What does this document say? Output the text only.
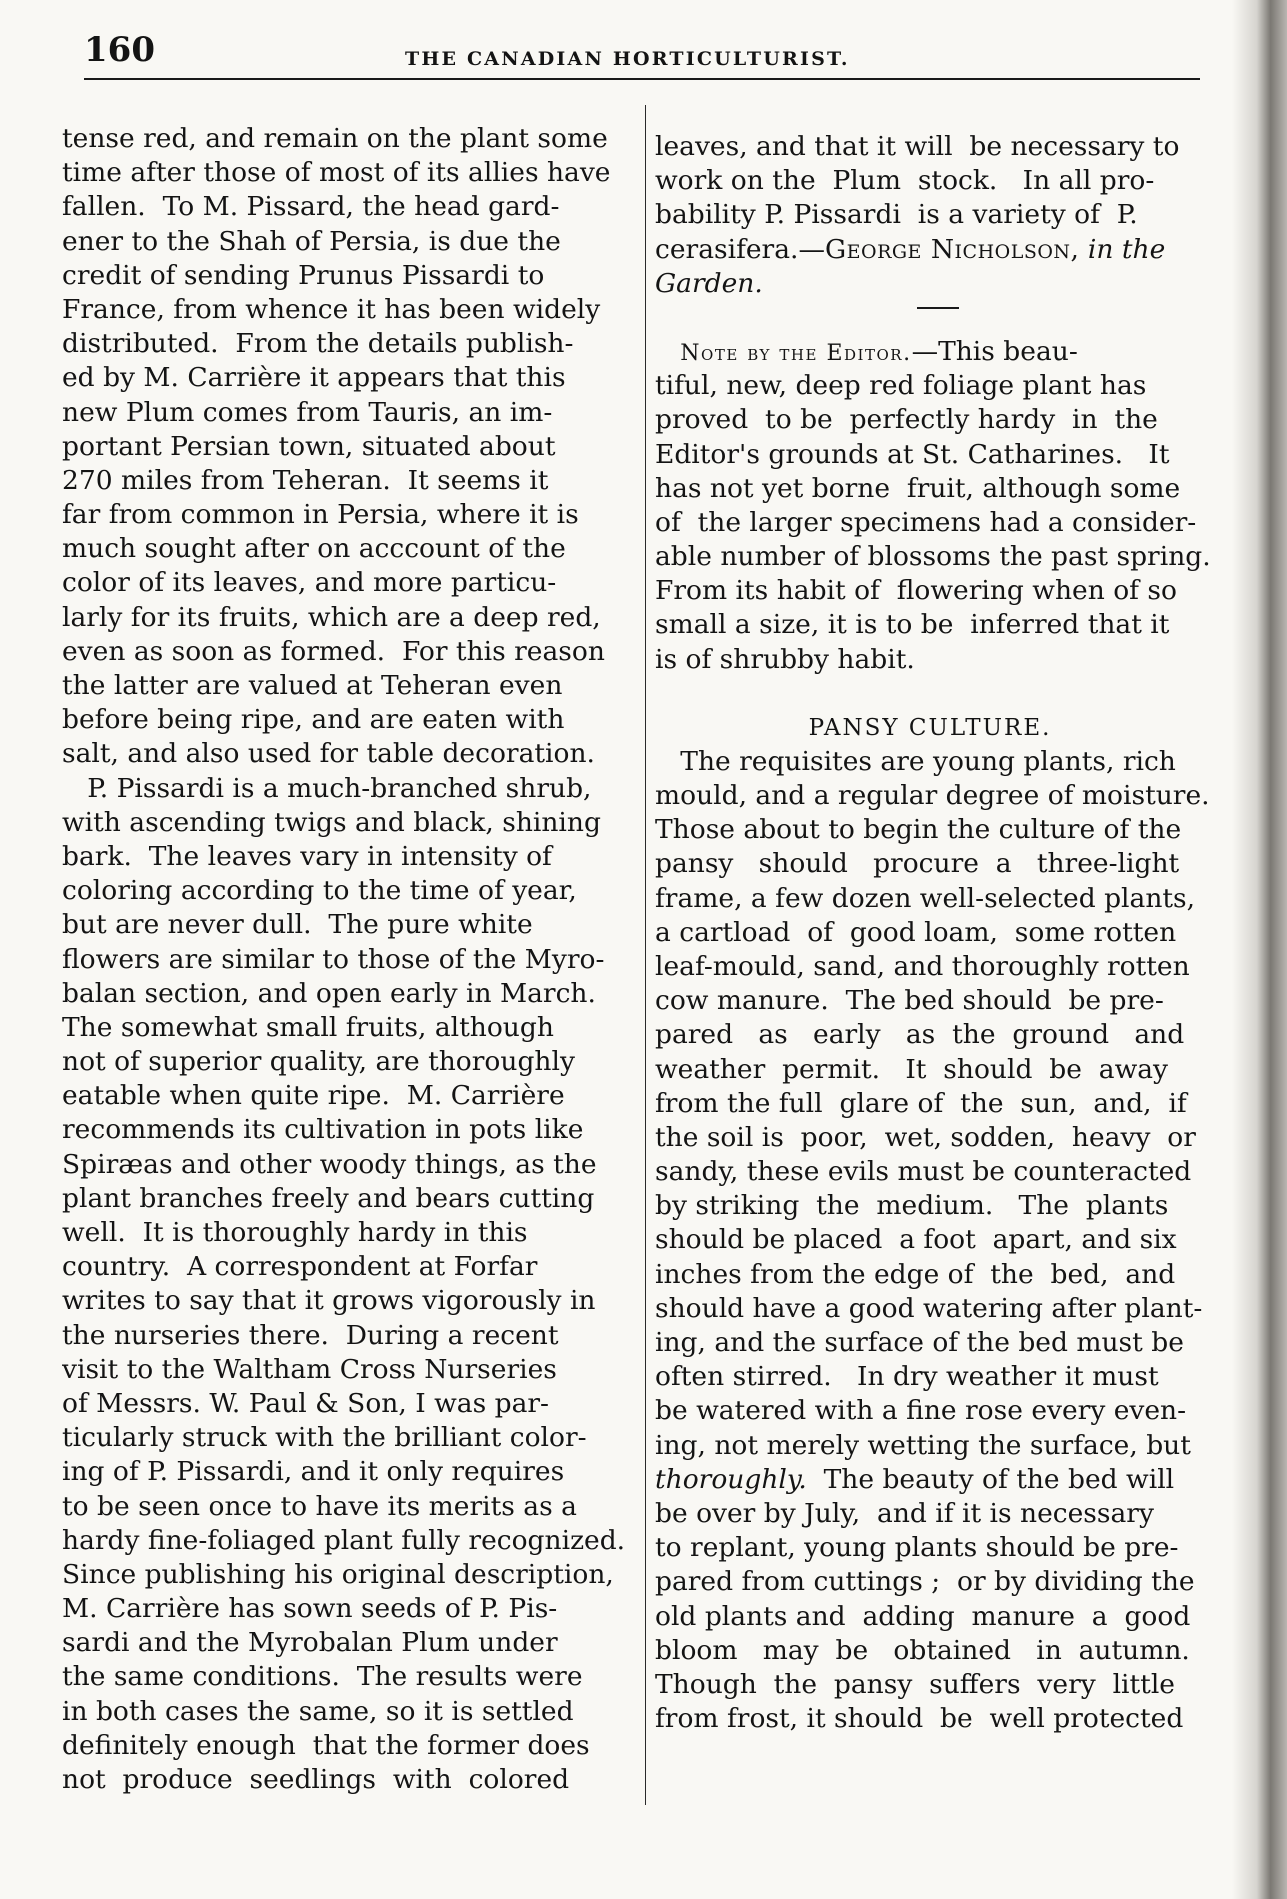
160	THE CANADIAN HORTICULTURIST.
tense red, and remain on the plant some
time after those of most of its allies have
fallen.  To M. Pissard, the head gard-
ener to the Shah of Persia, is due the
credit of sending Prunus Pissardi to
France, from whence it has been widely
distributed.  From the details publish-
ed by M. Carrière it appears that this
new Plum comes from Tauris, an im-
portant Persian town, situated about
270 miles from Teheran.  It seems it
far from common in Persia, where it is
much sought after on acccount of the
color of its leaves, and more particu-
larly for its fruits, which are a deep red,
even as soon as formed.  For this reason
the latter are valued at Teheran even
before being ripe, and are eaten with
salt, and also used for table decoration.
P. Pissardi is a much-branched shrub,
with ascending twigs and black, shining
bark.  The leaves vary in intensity of
coloring according to the time of year,
but are never dull.  The pure white
flowers are similar to those of the Myro-
balan section, and open early in March.
The somewhat small fruits, although
not of superior quality, are thoroughly
eatable when quite ripe.  M. Carrière
recommends its cultivation in pots like
Spiræas and other woody things, as the
plant branches freely and bears cutting
well.  It is thoroughly hardy in this
country.  A correspondent at Forfar
writes to say that it grows vigorously in
the nurseries there.  During a recent
visit to the Waltham Cross Nurseries
of Messrs. W. Paul & Son, I was par-
ticularly struck with the brilliant color-
ing of P. Pissardi, and it only requires
to be seen once to have its merits as a
hardy fine-foliaged plant fully recognized.
Since publishing his original description,
M. Carrière has sown seeds of P. Pis-
sardi and the Myrobalan Plum under
the same conditions.  The results were
in both cases the same, so it is settled
definitely enough  that the former does
not  produce  seedlings  with  colored
leaves, and that it will  be necessary to
work on the  Plum  stock.   In all pro-
bability P. Pissardi  is a variety of  P.
cerasifera.—George Nicholson, in the
Garden.
Note by the Editor.—This beau-
tiful, new, deep red foliage plant has
proved  to be  perfectly hardy  in  the
Editor's grounds at St. Catharines.   It
has not yet borne  fruit, although some
of  the larger specimens had a consider-
able number of blossoms the past spring.
From its habit of  flowering when of so
small a size, it is to be  inferred that it
is of shrubby habit.
PANSY CULTURE.
The requisites are young plants, rich
mould, and a regular degree of moisture.
Those about to begin the culture of the
pansy   should   procure  a   three-light
frame, a few dozen well-selected plants,
a cartload  of  good loam,  some rotten
leaf-mould, sand, and thoroughly rotten
cow manure.  The bed should  be pre-
pared   as   early   as  the  ground   and
weather  permit.   It  should  be  away
from the full  glare of  the  sun,  and,  if
the soil is  poor,  wet, sodden,  heavy  or
sandy, these evils must be counteracted
by striking  the  medium.   The  plants
should be placed  a foot  apart, and six
inches from the edge of  the  bed,  and
should have a good watering after plant-
ing, and the surface of the bed must be
often stirred.   In dry weather it must
be watered with a fine rose every even-
ing, not merely wetting the surface, but
thoroughly.  The beauty of the bed will
be over by July,  and if it is necessary
to replant, young plants should be pre-
pared from cuttings ;  or by dividing the
old plants and  adding  manure  a  good
bloom   may  be   obtained   in  autumn.
Though  the  pansy  suffers  very  little
from frost, it should  be  well protected
